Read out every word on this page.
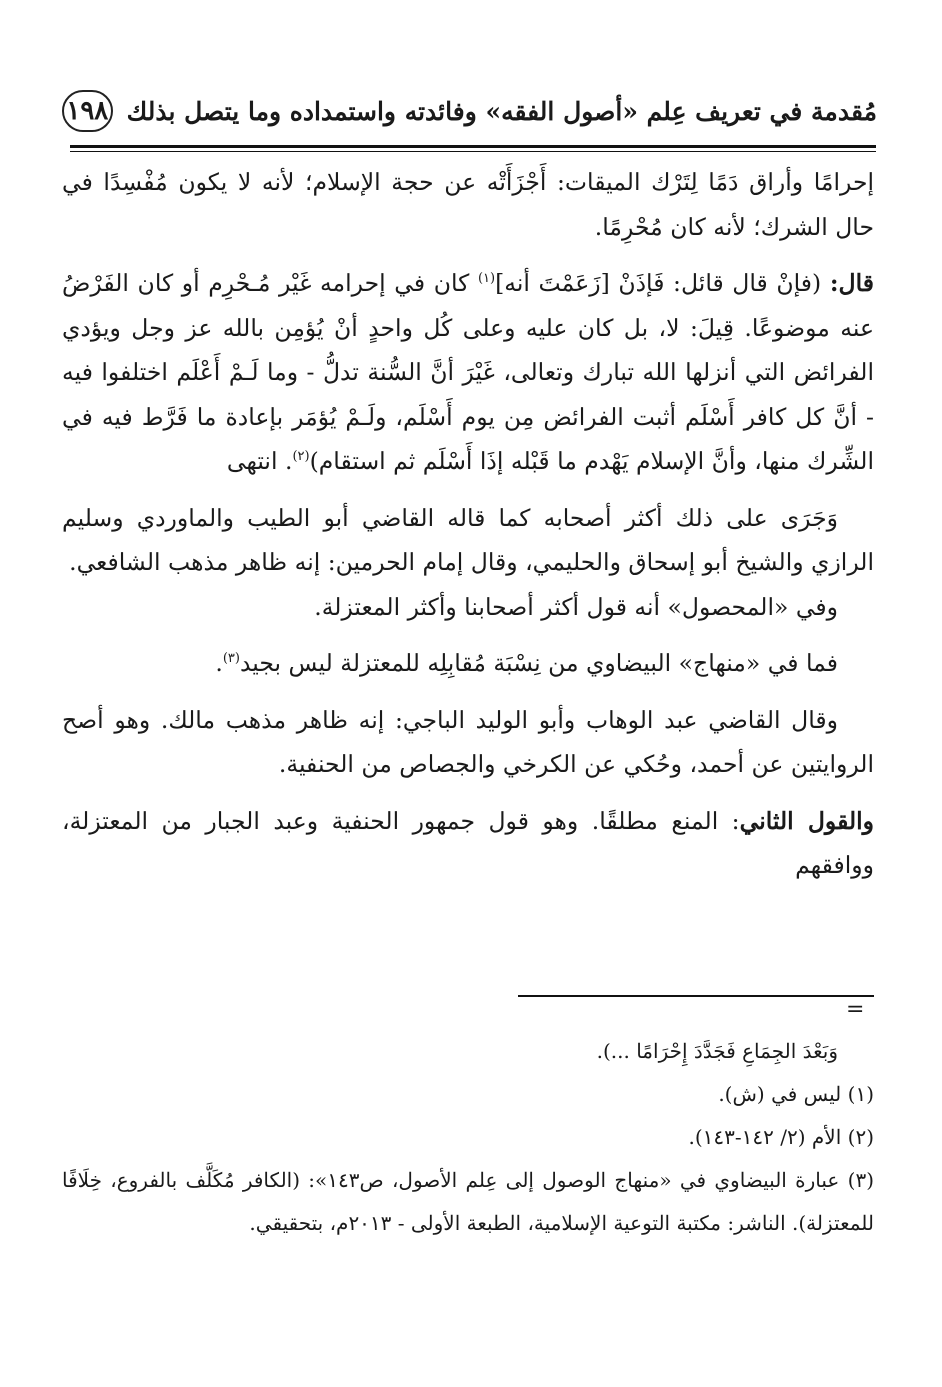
مُقدمة في تعريف عِلم «أصول الفقه» وفائدته واستمداده وما يتصل بذلك
١٩٨

إحرامًا وأراق دَمًا لِتَرْك الميقات: أَجْزَأَتْه عن حجة الإسلام؛ لأنه لا يكون مُفْسِدًا في حال الشرك؛ لأنه كان مُحْرِمًا.

قال: (فإنْ قال قائل: فَإذَنْ [زَعَمْتَ أنه]$^{(١)}$ كان في إحرامه غَيْر مُـحْرِم أو كان الفَرْضُ عنه موضوعًا. قِيلَ: لا، بل كان عليه وعلى كُل واحدٍ أنْ يُؤمِن بالله عز وجل ويؤدي الفرائض التي أنزلها الله تبارك وتعالى، غَيْرَ أنَّ السُّنة تدلُّ - وما لَـمْ أَعْلَم اختلفوا فيه - أنَّ كل كافر أَسْلَم أثبت الفرائض مِن يوم أَسْلَم، ولَـمْ يُؤمَر بإعادة ما فَرَّط فيه في الشِّرك منها، وأنَّ الإسلام يَهْدم ما قَبْله إذَا أَسْلَم ثم استقام)$^{(٢)}$. انتهى

وَجَرَى على ذلك أكثر أصحابه كما قاله القاضي أبو الطيب والماوردي وسليم الرازي والشيخ أبو إسحاق والحليمي، وقال إمام الحرمين: إنه ظاهر مذهب الشافعي.

وفي «المحصول» أنه قول أكثر أصحابنا وأكثر المعتزلة.

فما في «منهاج» البيضاوي من نِسْبَة مُقابِلِه للمعتزلة ليس بجيد$^{(٣)}$.

وقال القاضي عبد الوهاب وأبو الوليد الباجي: إنه ظاهر مذهب مالك. وهو أصح الروايتين عن أحمد، وحُكي عن الكرخي والجصاص من الحنفية.

والقول الثاني: المنع مطلقًا. وهو قول جمهور الحنفية وعبد الجبار من المعتزلة، ووافقهم

=

وَبَعْدَ الجِمَاعِ فَجَدَّدَ إِحْرَامًا ...).

(١) ليس في (ش).

(٢) الأم (٢/ ١٤٢-١٤٣).

(٣) عبارة البيضاوي في «منهاج الوصول إلى عِلم الأصول، ص١٤٣»: (الكافر مُكَلَّف بالفروع، خِلَافًا للمعتزلة). الناشر: مكتبة التوعية الإسلامية، الطبعة الأولى - ٢٠١٣م، بتحقيقي.
